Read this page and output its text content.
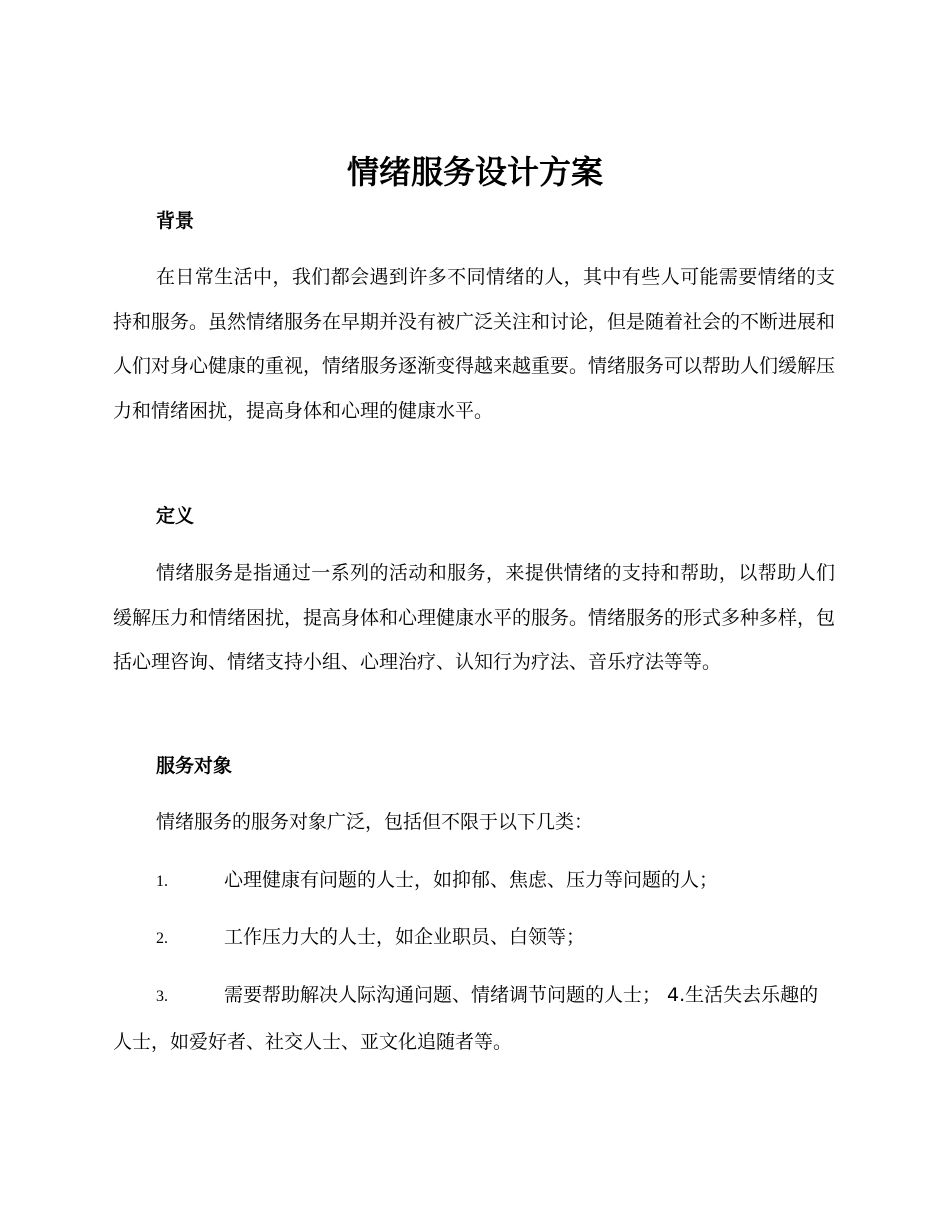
情绪服务设计方案
背景
在日常生活中，我们都会遇到许多不同情绪的人，其中有些人可能需要情绪的支持和服务。虽然情绪服务在早期并没有被广泛关注和讨论，但是随着社会的不断进展和人们对身心健康的重视，情绪服务逐渐变得越来越重要。情绪服务可以帮助人们缓解压力和情绪困扰，提高身体和心理的健康水平。
定义
情绪服务是指通过一系列的活动和服务，来提供情绪的支持和帮助，以帮助人们缓解压力和情绪困扰，提高身体和心理健康水平的服务。情绪服务的形式多种多样，包括心理咨询、情绪支持小组、心理治疗、认知行为疗法、音乐疗法等等。
服务对象
情绪服务的服务对象广泛，包括但不限于以下几类：
1.	心理健康有问题的人士，如抑郁、焦虑、压力等问题的人；
2.	工作压力大的人士，如企业职员、白领等；
3.	需要帮助解决人际沟通问题、情绪调节问题的人士； 4.生活失去乐趣的人士，如爱好者、社交人士、亚文化追随者等。
